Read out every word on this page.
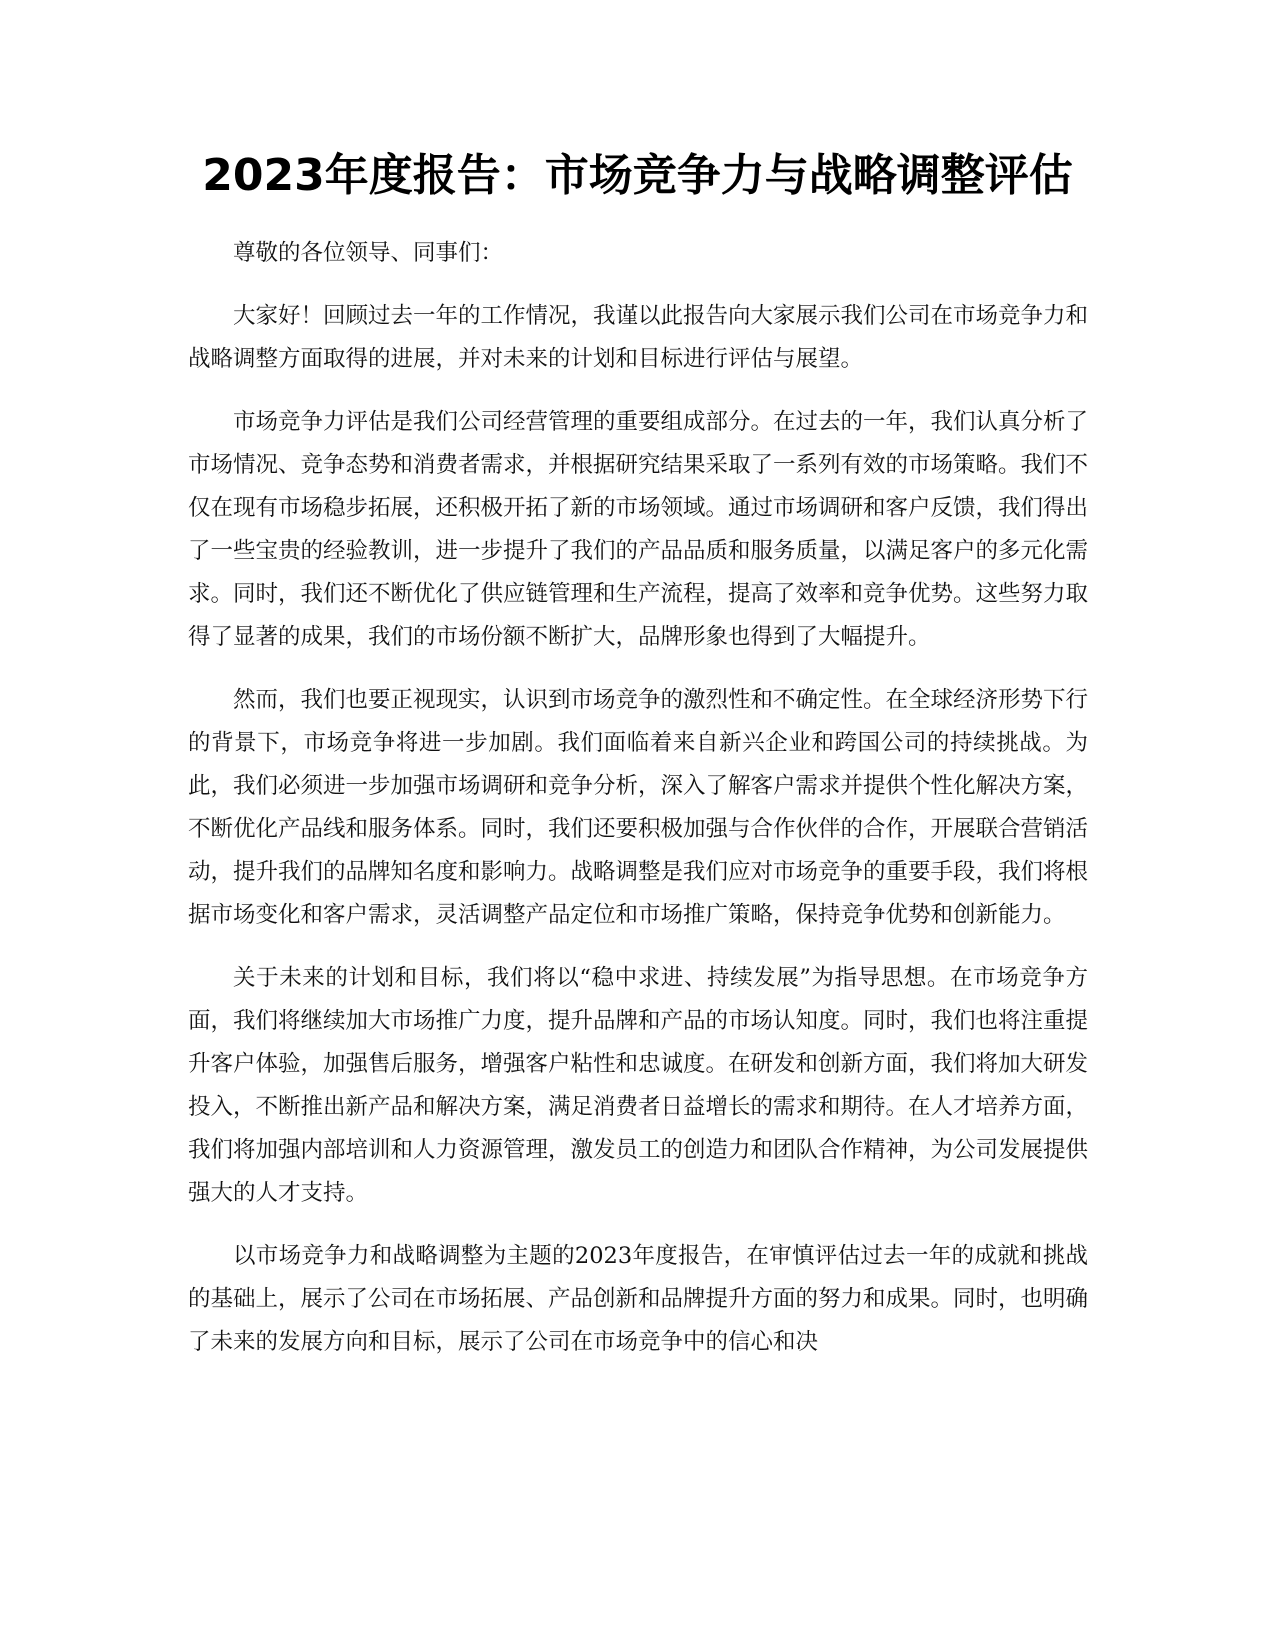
2023年度报告：市场竞争力与战略调整评估

尊敬的各位领导、同事们：

大家好！回顾过去一年的工作情况，我谨以此报告向大家展示我们公司在市场竞争力和战略调整方面取得的进展，并对未来的计划和目标进行评估与展望。

市场竞争力评估是我们公司经营管理的重要组成部分。在过去的一年，我们认真分析了市场情况、竞争态势和消费者需求，并根据研究结果采取了一系列有效的市场策略。我们不仅在现有市场稳步拓展，还积极开拓了新的市场领域。通过市场调研和客户反馈，我们得出了一些宝贵的经验教训，进一步提升了我们的产品品质和服务质量，以满足客户的多元化需求。同时，我们还不断优化了供应链管理和生产流程，提高了效率和竞争优势。这些努力取得了显著的成果，我们的市场份额不断扩大，品牌形象也得到了大幅提升。

然而，我们也要正视现实，认识到市场竞争的激烈性和不确定性。在全球经济形势下行的背景下，市场竞争将进一步加剧。我们面临着来自新兴企业和跨国公司的持续挑战。为此，我们必须进一步加强市场调研和竞争分析，深入了解客户需求并提供个性化解决方案，不断优化产品线和服务体系。同时，我们还要积极加强与合作伙伴的合作，开展联合营销活动，提升我们的品牌知名度和影响力。战略调整是我们应对市场竞争的重要手段，我们将根据市场变化和客户需求，灵活调整产品定位和市场推广策略，保持竞争优势和创新能力。

关于未来的计划和目标，我们将以“稳中求进、持续发展”为指导思想。在市场竞争方面，我们将继续加大市场推广力度，提升品牌和产品的市场认知度。同时，我们也将注重提升客户体验，加强售后服务，增强客户粘性和忠诚度。在研发和创新方面，我们将加大研发投入，不断推出新产品和解决方案，满足消费者日益增长的需求和期待。在人才培养方面，我们将加强内部培训和人力资源管理，激发员工的创造力和团队合作精神，为公司发展提供强大的人才支持。

以市场竞争力和战略调整为主题的2023年度报告，在审慎评估过去一年的成就和挑战的基础上，展示了公司在市场拓展、产品创新和品牌提升方面的努力和成果。同时，也明确了未来的发展方向和目标，展示了公司在市场竞争中的信心和决
